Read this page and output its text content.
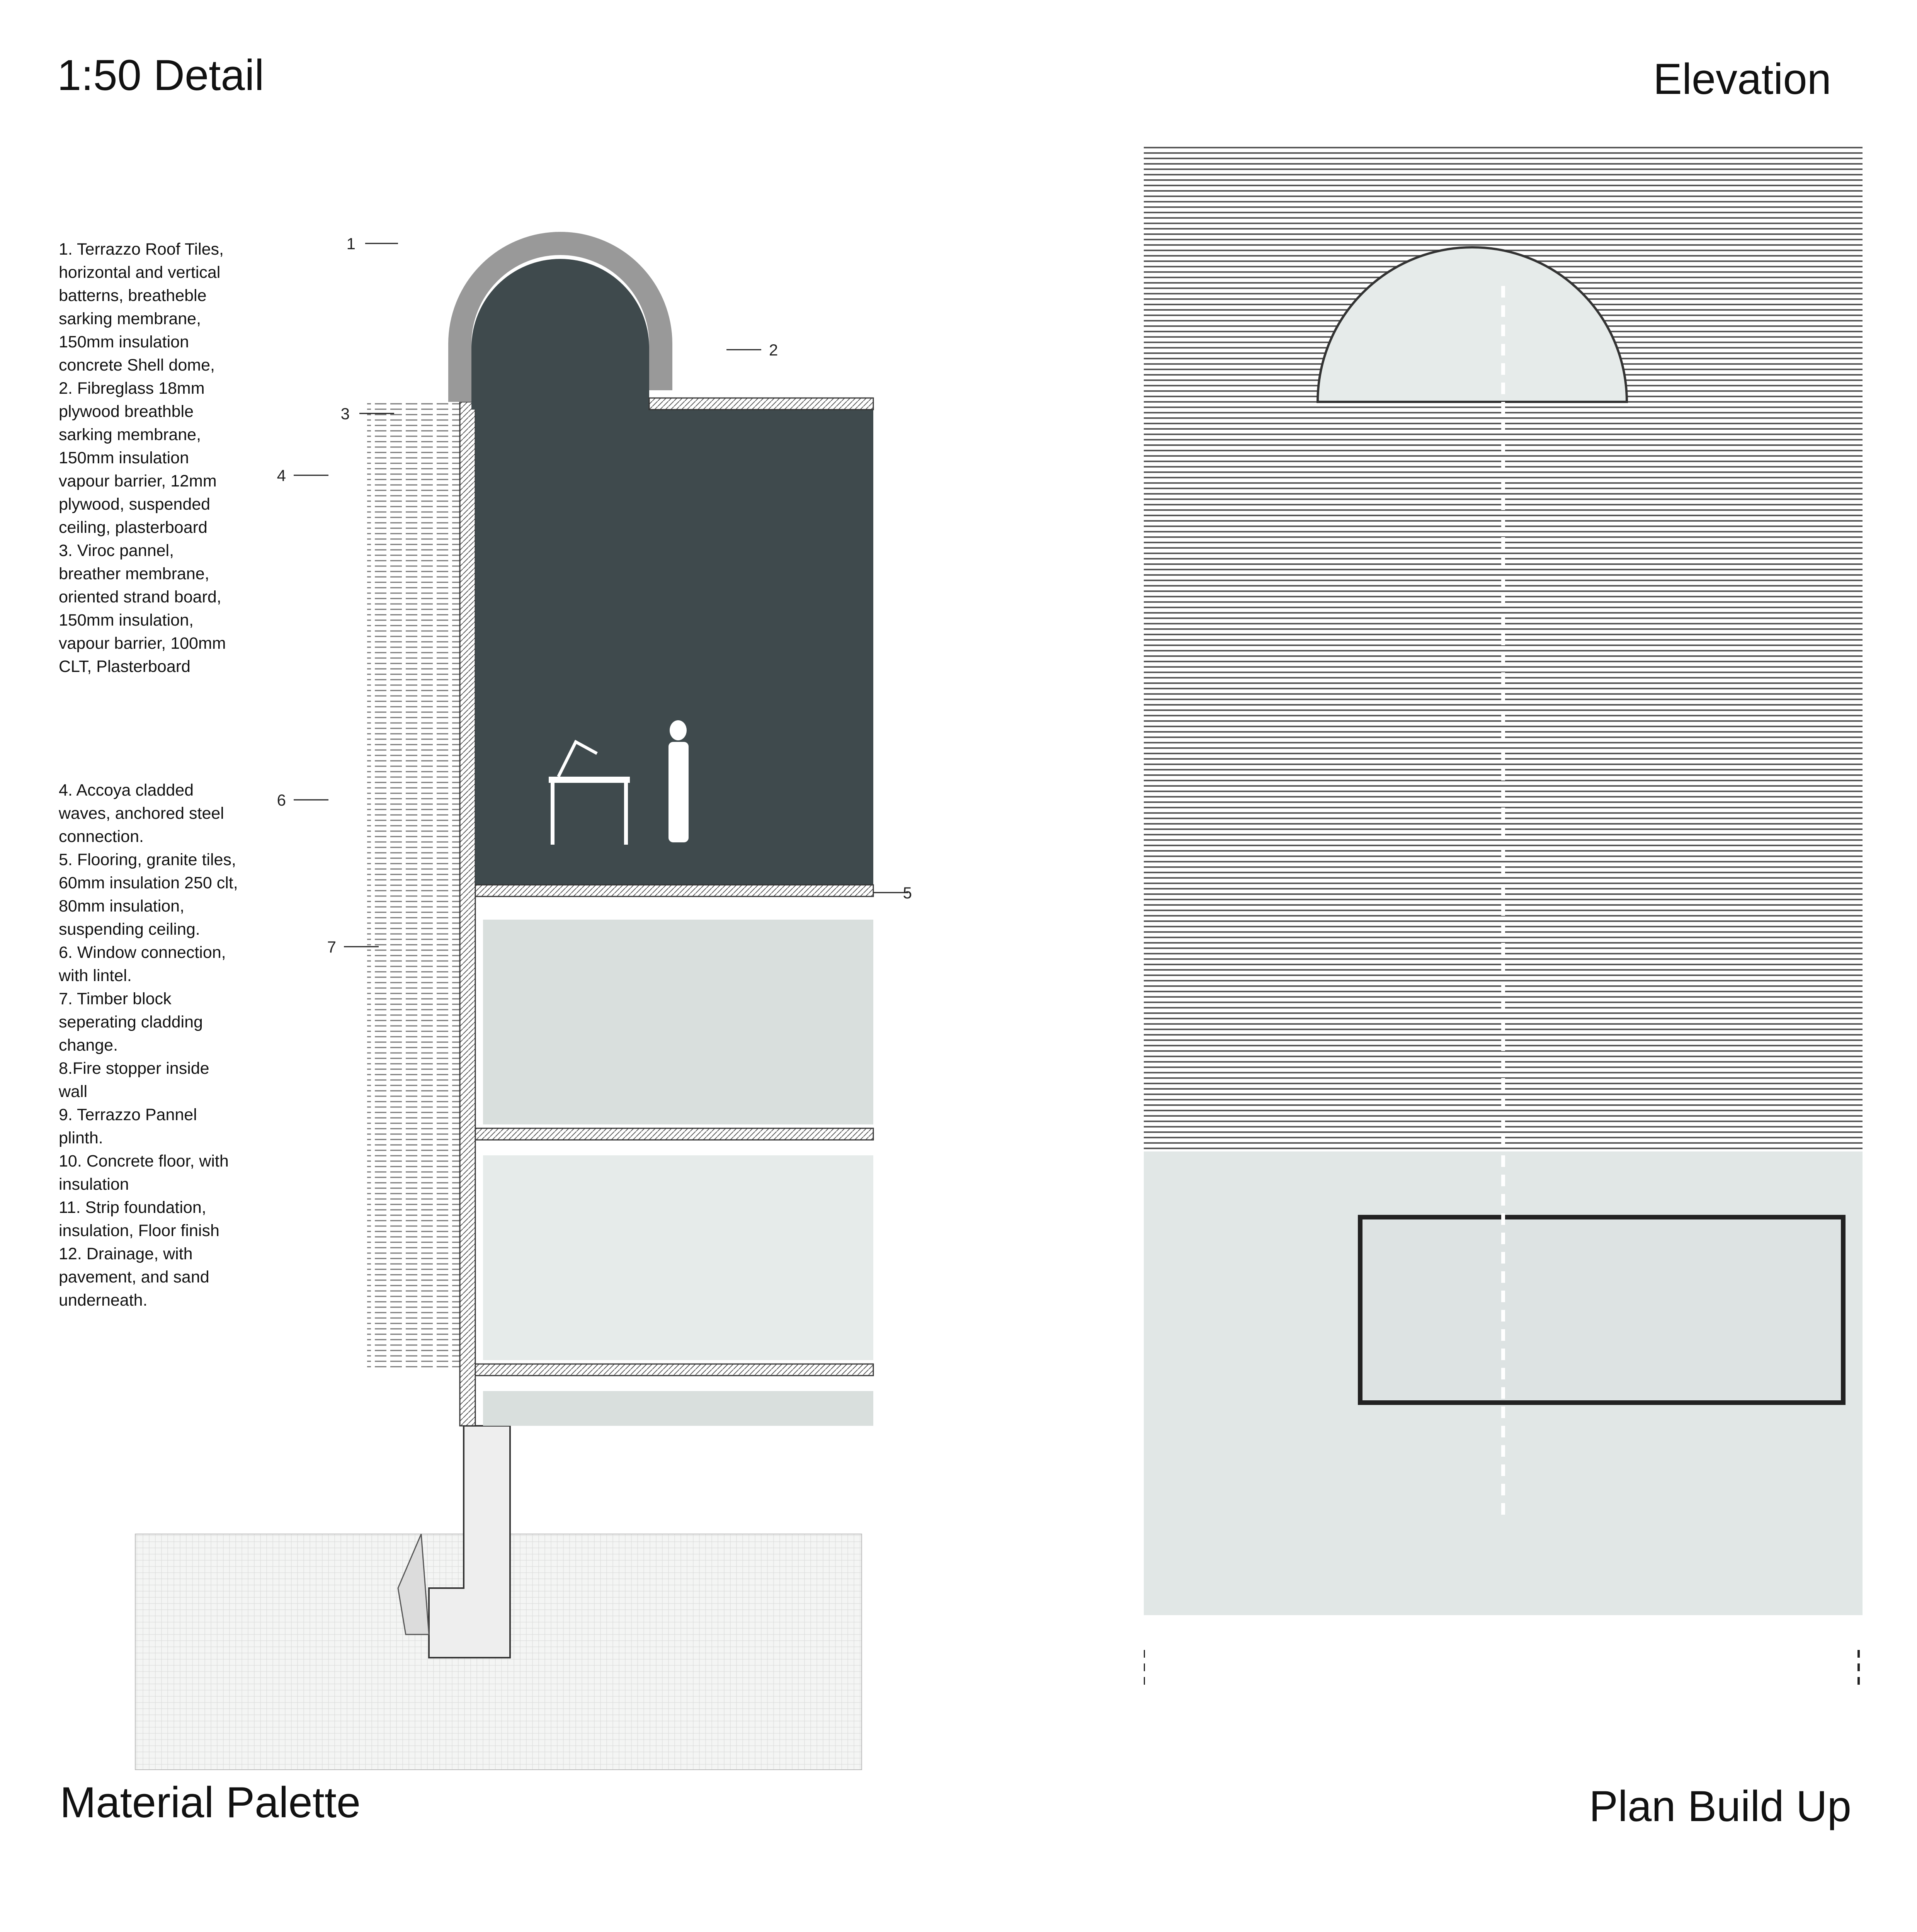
1:50 Detail	Elevation
Material Palette	Plan Build Up
1. Terrazzo Roof Tiles, horizontal and vertical batterns, breatheble sarking membrane, 150mm insulation concrete Shell dome,
2. Fibreglass 18mm plywood breathble sarking membrane, 150mm insulation vapour barrier, 12mm plywood, suspended ceiling, plasterboard
3. Viroc pannel, breather membrane, oriented strand board, 150mm insulation, vapour barrier, 100mm CLT, Plasterboard
4. Accoya cladded waves, anchored steel connection.
5. Flooring, granite tiles, 60mm insulation 250 clt, 80mm insulation, suspending ceiling.
6. Window connection, with lintel.
7. Timber block seperating cladding change.
8.Fire stopper inside wall
9. Terrazzo Pannel plinth.
10. Concrete floor, with insulation
11. Strip foundation, insulation, Floor finish
12. Drainage, with pavement, and sand underneath.
1
2
3
4
5
6
7
